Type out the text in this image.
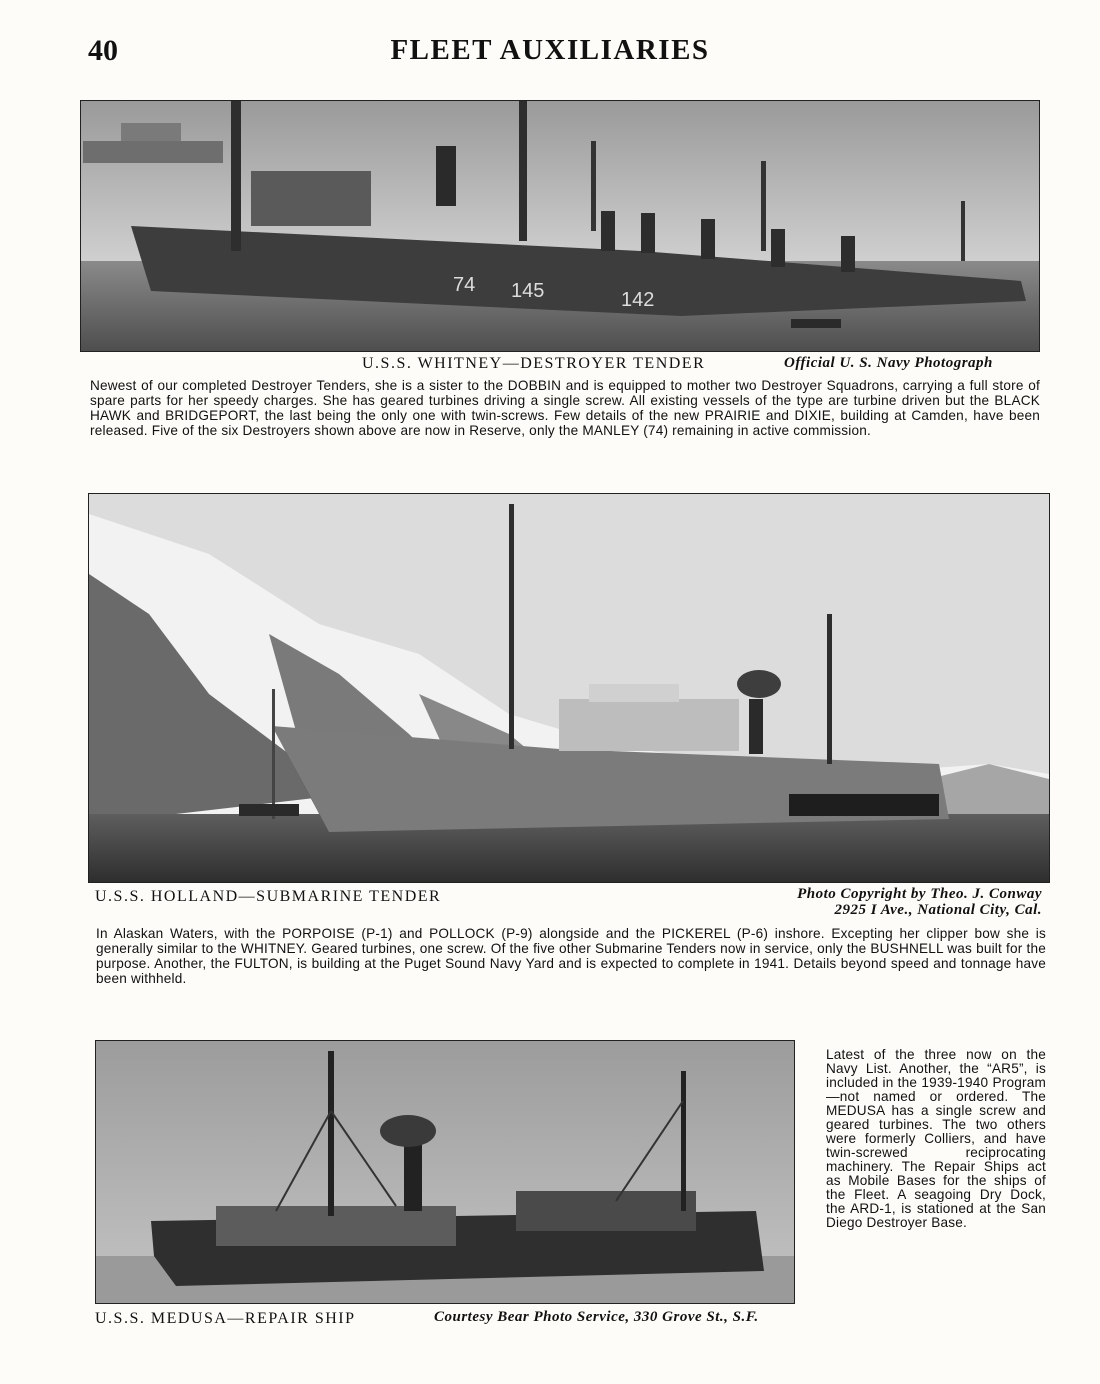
40	FLEET AUXILIARIES
74 145	142
U.S.S. WHITNEY—DESTROYER TENDER	Official U. S. Navy Photograph
Newest of our completed Destroyer Tenders, she is a sister to the DOBBIN and is equipped to mother two Destroyer Squadrons, carrying a full store of spare parts for her speedy charges. She has geared turbines driving a single screw. All existing vessels of the type are turbine driven but the BLACK HAWK and BRIDGEPORT, the last being the only one with twin-screws. Few details of the new PRAIRIE and DIXIE, building at Camden, have been released. Five of the six Destroyers shown above are now in Reserve, only the MANLEY (74) remaining in active commission.
U.S.S. HOLLAND—SUBMARINE TENDER	Photo Copyright by Theo. J. Conway
2925 I Ave., National City, Cal.
In Alaskan Waters, with the PORPOISE (P-1) and POLLOCK (P-9) alongside and the PICKEREL (P-6) inshore. Excepting her clipper bow she is generally similar to the WHITNEY. Geared turbines, one screw. Of the five other Submarine Tenders now in service, only the BUSHNELL was built for the purpose. Another, the FULTON, is building at the Puget Sound Navy Yard and is expected to complete in 1941. Details beyond speed and tonnage have been withheld.
Latest of the three now on the Navy List. Another, the “AR5”, is included in the 1939-1940 Program—not named or ordered. The MEDUSA has a single screw and geared turbines. The two others were formerly Colliers, and have twin-screwed reciprocating machinery. The Repair Ships act as Mobile Bases for the ships of the Fleet. A seagoing Dry Dock, the ARD-1, is stationed at the San Diego Destroyer Base.
U.S.S. MEDUSA—REPAIR SHIP	Courtesy Bear Photo Service, 330 Grove St., S.F.
